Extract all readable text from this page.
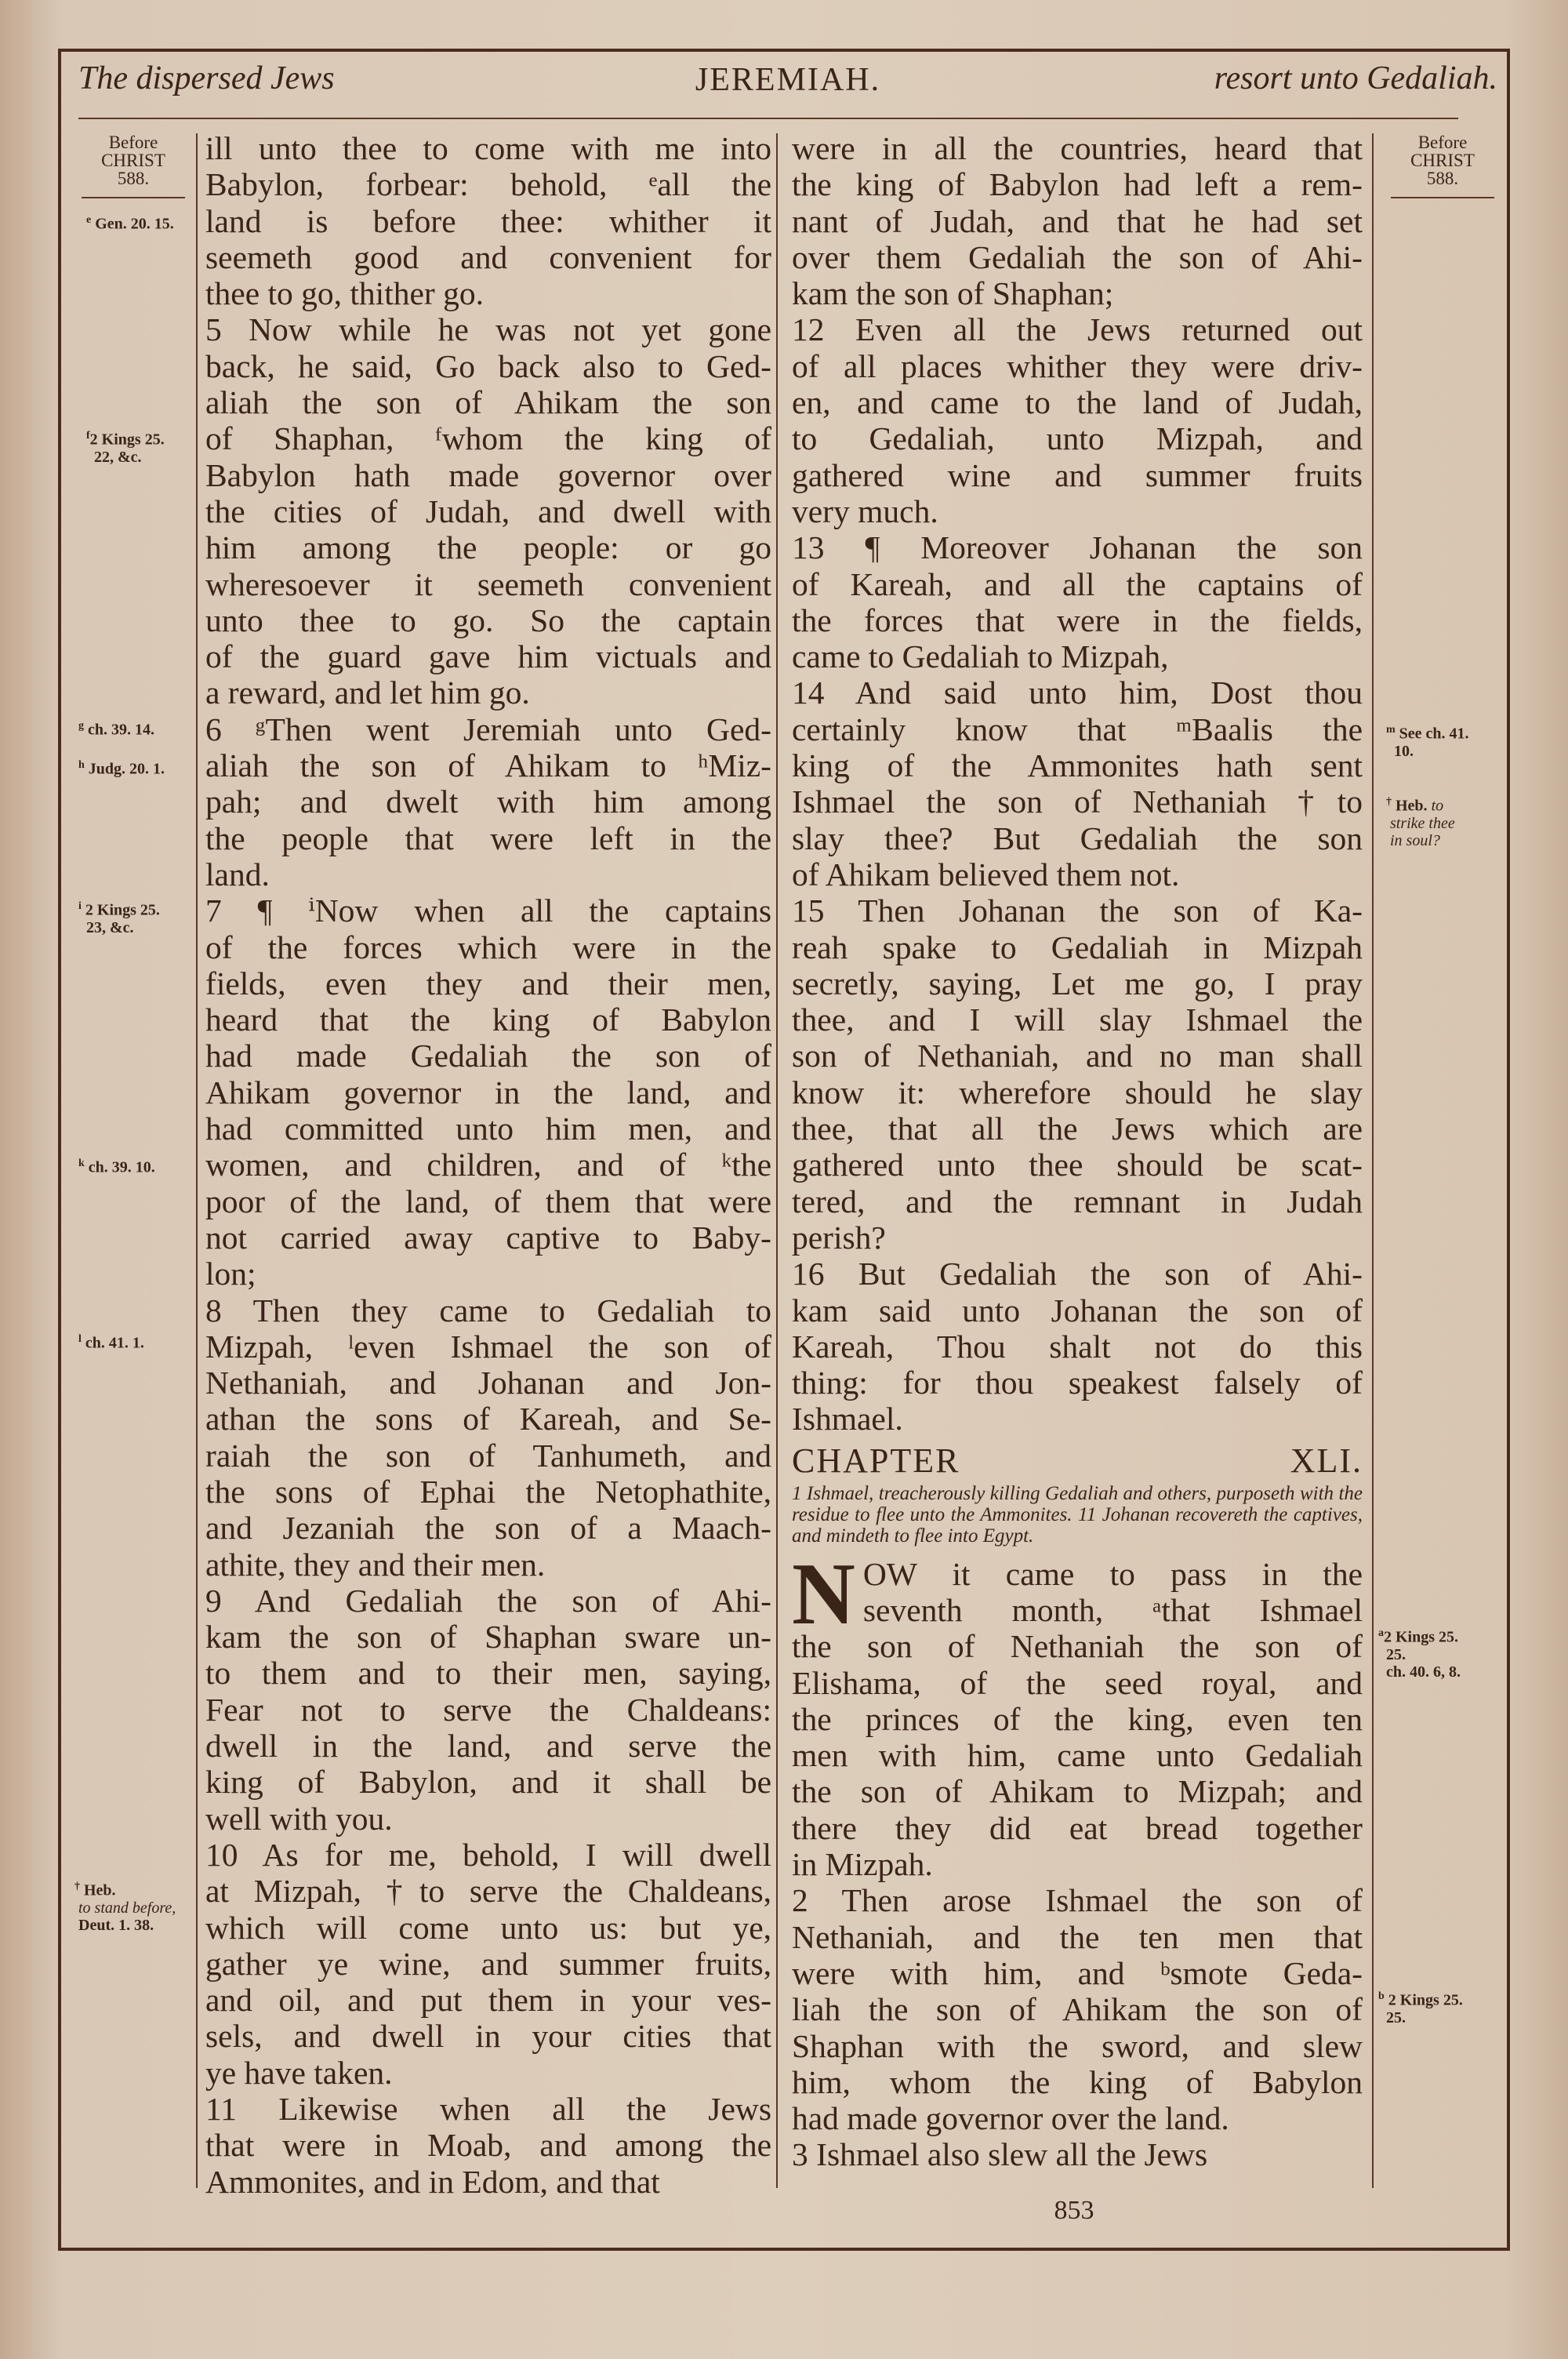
The dispersed Jews	JEREMIAH.	resort unto Gedaliah.
Before
CHRIST
588.
$^e$ Gen. 20. 15.
$^f$2 Kings 25.
22, &c.
$^g$ ch. 39. 14.
$^h$ Judg. 20. 1.
$^i$ 2 Kings 25.
23, &c.
$^k$ ch. 39. 10.
$^l$ ch. 41. 1.
† Heb.
to stand before,
Deut. 1. 38.
Before
CHRIST
588.
$^m$ See ch. 41.
10.
† Heb. to
strike thee
in soul?
$^a$2 Kings 25.
25.
ch. 40. 6, 8.
$^b$ 2 Kings 25.
25.
ill unto thee to come with me into
Babylon, forbear: behold, ᵉall the
land is before thee: whither it
seemeth good and convenient for
thee to go, thither go.
5 Now while he was not yet gone
back, he said, Go back also to Ged-
aliah the son of Ahikam the son
of Shaphan, ᶠwhom the king of
Babylon hath made governor over
the cities of Judah, and dwell with
him among the people: or go
wheresoever it seemeth convenient
unto thee to go. So the captain
of the guard gave him victuals and
a reward, and let him go.
6 ᵍThen went Jeremiah unto Ged-
aliah the son of Ahikam to ʰMiz-
pah; and dwelt with him among
the people that were left in the
land.
7 ¶ ⁱNow when all the captains
of the forces which were in the
fields, even they and their men,
heard that the king of Babylon
had made Gedaliah the son of
Ahikam governor in the land, and
had committed unto him men, and
women, and children, and of ᵏthe
poor of the land, of them that were
not carried away captive to Baby-
lon;
8 Then they came to Gedaliah to
Mizpah, ˡeven Ishmael the son of
Nethaniah, and Johanan and Jon-
athan the sons of Kareah, and Se-
raiah the son of Tanhumeth, and
the sons of Ephai the Netophathite,
and Jezaniah the son of a Maach-
athite, they and their men.
9 And Gedaliah the son of Ahi-
kam the son of Shaphan sware un-
to them and to their men, saying,
Fear not to serve the Chaldeans:
dwell in the land, and serve the
king of Babylon, and it shall be
well with you.
10 As for me, behold, I will dwell
at Mizpah, †to serve the Chaldeans,
which will come unto us: but ye,
gather ye wine, and summer fruits,
and oil, and put them in your ves-
sels, and dwell in your cities that
ye have taken.
11 Likewise when all the Jews
that were in Moab, and among the
Ammonites, and in Edom, and that
were in all the countries, heard that
the king of Babylon had left a rem-
nant of Judah, and that he had set
over them Gedaliah the son of Ahi-
kam the son of Shaphan;
12 Even all the Jews returned out
of all places whither they were driv-
en, and came to the land of Judah,
to Gedaliah, unto Mizpah, and
gathered wine and summer fruits
very much.
13 ¶ Moreover Johanan the son
of Kareah, and all the captains of
the forces that were in the fields,
came to Gedaliah to Mizpah,
14 And said unto him, Dost thou
certainly know that ᵐBaalis the
king of the Ammonites hath sent
Ishmael the son of Nethaniah †to
slay thee? But Gedaliah the son
of Ahikam believed them not.
15 Then Johanan the son of Ka-
reah spake to Gedaliah in Mizpah
secretly, saying, Let me go, I pray
thee, and I will slay Ishmael the
son of Nethaniah, and no man shall
know it: wherefore should he slay
thee, that all the Jews which are
gathered unto thee should be scat-
tered, and the remnant in Judah
perish?
16 But Gedaliah the son of Ahi-
kam said unto Johanan the son of
Kareah, Thou shalt not do this
thing: for thou speakest falsely of
Ishmael.
CHAPTER XLI.
1 Ishmael, treacherously killing Gedaliah and others, purposeth with the residue to flee unto the Ammonites. 11 Johanan recovereth the captives, and mindeth to flee into Egypt.
N OW it came to pass in the
seventh month, ᵃthat Ishmael
the son of Nethaniah the son of
Elishama, of the seed royal, and
the princes of the king, even ten
men with him, came unto Gedaliah
the son of Ahikam to Mizpah; and
there they did eat bread together
in Mizpah.
2 Then arose Ishmael the son of
Nethaniah, and the ten men that
were with him, and ᵇsmote Geda-
liah the son of Ahikam the son of
Shaphan with the sword, and slew
him, whom the king of Babylon
had made governor over the land.
3 Ishmael also slew all the Jews
853
